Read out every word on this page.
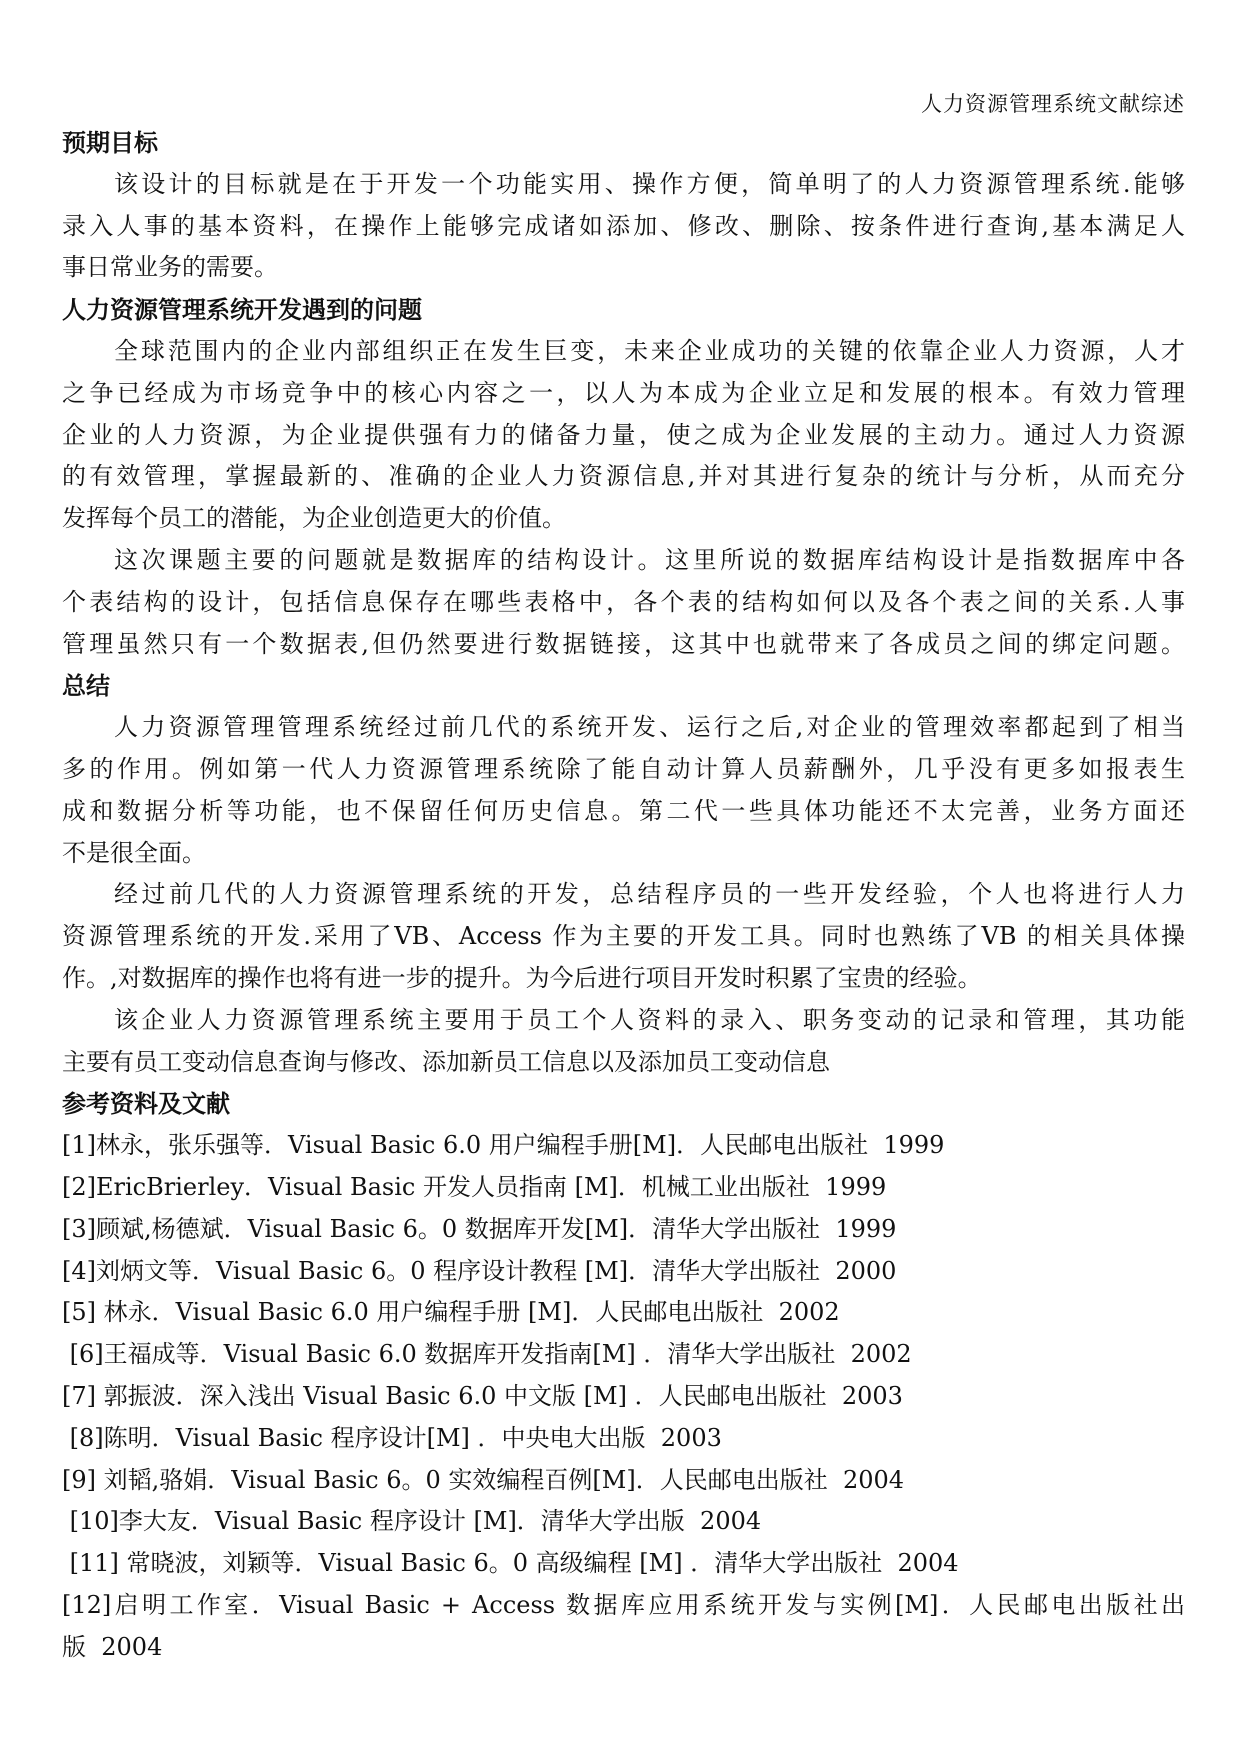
人力资源管理系统文献综述
预期目标
该设计的目标就是在于开发一个功能实用、操作方便，简单明了的人力资源管理系统.能够
录入人事的基本资料，在操作上能够完成诸如添加、修改、删除、按条件进行查询,基本满足人
事日常业务的需要。
人力资源管理系统开发遇到的问题
全球范围内的企业内部组织正在发生巨变，未来企业成功的关键的依靠企业人力资源，人才
之争已经成为市场竞争中的核心内容之一，以人为本成为企业立足和发展的根本。有效力管理
企业的人力资源，为企业提供强有力的储备力量，使之成为企业发展的主动力。通过人力资源
的有效管理，掌握最新的、准确的企业人力资源信息,并对其进行复杂的统计与分析，从而充分
发挥每个员工的潜能，为企业创造更大的价值。
这次课题主要的问题就是数据库的结构设计。这里所说的数据库结构设计是指数据库中各
个表结构的设计，包括信息保存在哪些表格中，各个表的结构如何以及各个表之间的关系.人事
管理虽然只有一个数据表,但仍然要进行数据链接，这其中也就带来了各成员之间的绑定问题。
总结
人力资源管理管理系统经过前几代的系统开发、运行之后,对企业的管理效率都起到了相当
多的作用。例如第一代人力资源管理系统除了能自动计算人员薪酬外，几乎没有更多如报表生
成和数据分析等功能，也不保留任何历史信息。第二代一些具体功能还不太完善，业务方面还
不是很全面。
经过前几代的人力资源管理系统的开发，总结程序员的一些开发经验，个人也将进行人力
资源管理系统的开发.采用了VB、Access 作为主要的开发工具。同时也熟练了VB 的相关具体操
作。,对数据库的操作也将有进一步的提升。为今后进行项目开发时积累了宝贵的经验。
该企业人力资源管理系统主要用于员工个人资料的录入、职务变动的记录和管理，其功能
主要有员工变动信息查询与修改、添加新员工信息以及添加员工变动信息
参考资料及文献
[1]林永，张乐强等．Visual Basic 6.0 用户编程手册[M]．人民邮电出版社  1999
[2]EricBrierley．Visual Basic 开发人员指南 [M]．机械工业出版社  1999
[3]顾斌,杨德斌．Visual Basic 6。0 数据库开发[M]．清华大学出版社  1999
[4]刘炳文等．Visual Basic 6。0 程序设计教程 [M]．清华大学出版社  2000
[5] 林永．Visual Basic 6.0 用户编程手册 [M]．人民邮电出版社  2002
[6]王福成等．Visual Basic 6.0 数据库开发指南[M] ．清华大学出版社  2002
[7] 郭振波．深入浅出 Visual Basic 6.0 中文版 [M] ．人民邮电出版社  2003
[8]陈明．Visual Basic 程序设计[M] ．中央电大出版  2003
[9] 刘韬,骆娟．Visual Basic 6。0 实效编程百例[M]．人民邮电出版社  2004
[10]李大友．Visual Basic 程序设计 [M]．清华大学出版  2004
[11] 常晓波，刘颖等．Visual Basic 6。0 高级编程 [M] ．清华大学出版社  2004
[12]启明工作室．Visual Basic + Access 数据库应用系统开发与实例[M]．人民邮电出版社出
版  2004
